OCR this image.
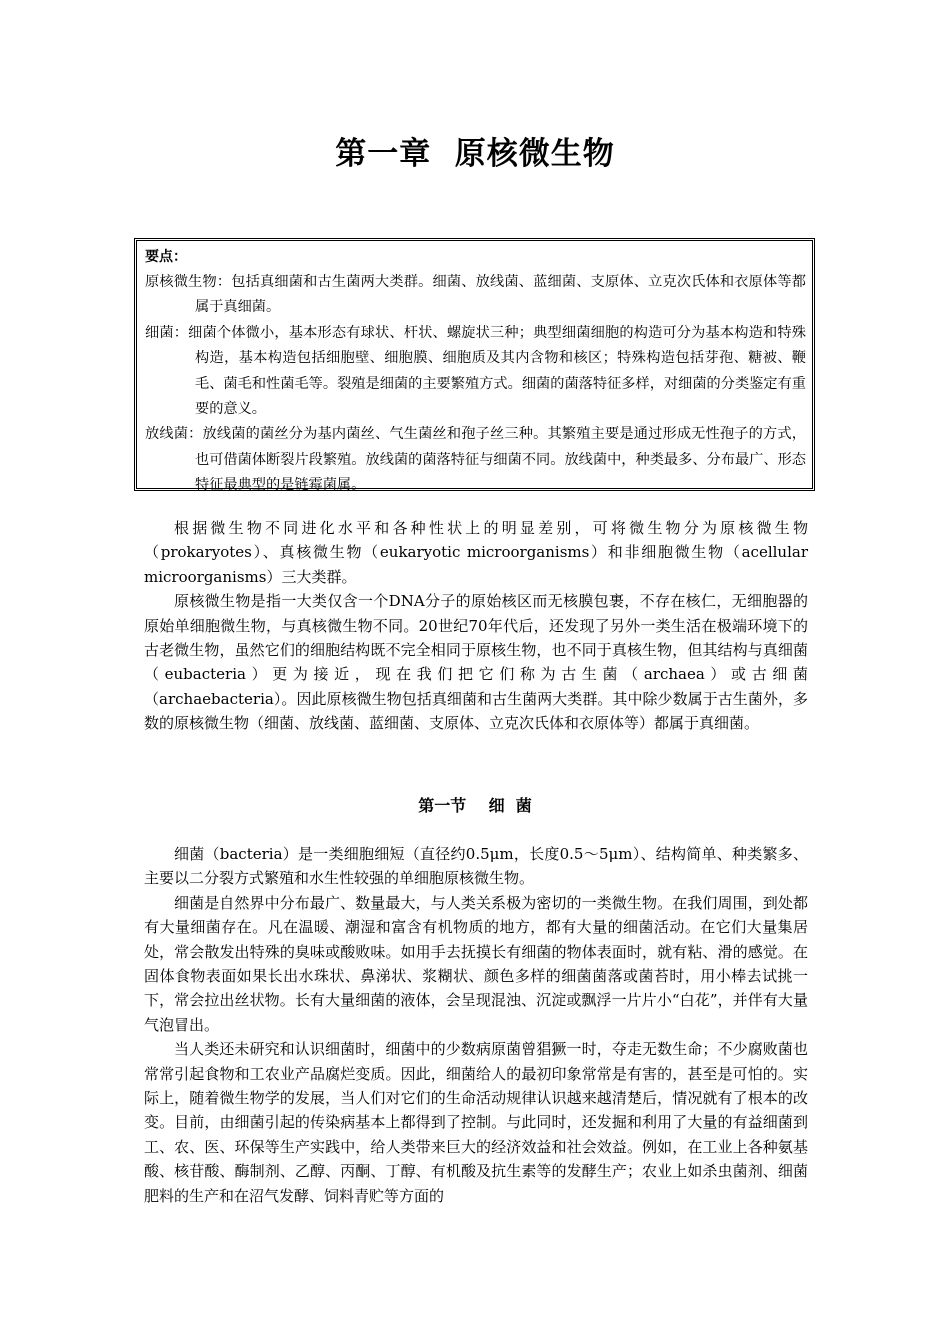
第一章  原核微生物
要点：
原核微生物：包括真细菌和古生菌两大类群。细菌、放线菌、蓝细菌、支原体、立克次氏体和衣原体等都属于真细菌。
细菌：细菌个体微小，基本形态有球状、杆状、螺旋状三种；典型细菌细胞的构造可分为基本构造和特殊构造，基本构造包括细胞壁、细胞膜、细胞质及其内含物和核区；特殊构造包括芽孢、糖被、鞭毛、菌毛和性菌毛等。裂殖是细菌的主要繁殖方式。细菌的菌落特征多样，对细菌的分类鉴定有重要的意义。
放线菌：放线菌的菌丝分为基内菌丝、气生菌丝和孢子丝三种。其繁殖主要是通过形成无性孢子的方式，也可借菌体断裂片段繁殖。放线菌的菌落特征与细菌不同。放线菌中，种类最多、分布最广、形态特征最典型的是链霉菌属。

根据微生物不同进化水平和各种性状上的明显差别，可将微生物分为原核微生物（prokaryotes）、真核微生物（eukaryotic microorganisms）和非细胞微生物（acellular microorganisms）三大类群。

原核微生物是指一大类仅含一个DNA分子的原始核区而无核膜包裹，不存在核仁，无细胞器的原始单细胞微生物，与真核微生物不同。20世纪70年代后，还发现了另外一类生活在极端环境下的古老微生物，虽然它们的细胞结构既不完全相同于原核生物，也不同于真核生物，但其结构与真细菌（eubacteria）更为接近，现在我们把它们称为古生菌（archaea）或古细菌（archaebacteria）。因此原核微生物包括真细菌和古生菌两大类群。其中除少数属于古生菌外，多数的原核微生物（细菌、放线菌、蓝细菌、支原体、立克次氏体和衣原体等）都属于真细菌。

第一节    细  菌

细菌（bacteria）是一类细胞细短（直径约0.5μm，长度0.5～5μm）、结构简单、种类繁多、主要以二分裂方式繁殖和水生性较强的单细胞原核微生物。

细菌是自然界中分布最广、数量最大，与人类关系极为密切的一类微生物。在我们周围，到处都有大量细菌存在。凡在温暖、潮湿和富含有机物质的地方，都有大量的细菌活动。在它们大量集居处，常会散发出特殊的臭味或酸败味。如用手去抚摸长有细菌的物体表面时，就有粘、滑的感觉。在固体食物表面如果长出水珠状、鼻涕状、浆糊状、颜色多样的细菌菌落或菌苔时，用小棒去试挑一下，常会拉出丝状物。长有大量细菌的液体，会呈现混浊、沉淀或飘浮一片片小“白花”，并伴有大量气泡冒出。

当人类还未研究和认识细菌时，细菌中的少数病原菌曾猖獗一时，夺走无数生命；不少腐败菌也常常引起食物和工农业产品腐烂变质。因此，细菌给人的最初印象常常是有害的，甚至是可怕的。实际上，随着微生物学的发展，当人们对它们的生命活动规律认识越来越清楚后，情况就有了根本的改变。目前，由细菌引起的传染病基本上都得到了控制。与此同时，还发掘和利用了大量的有益细菌到工、农、医、环保等生产实践中，给人类带来巨大的经济效益和社会效益。例如，在工业上各种氨基酸、核苷酸、酶制剂、乙醇、丙酮、丁醇、有机酸及抗生素等的发酵生产；农业上如杀虫菌剂、细菌肥料的生产和在沼气发酵、饲料青贮等方面的
